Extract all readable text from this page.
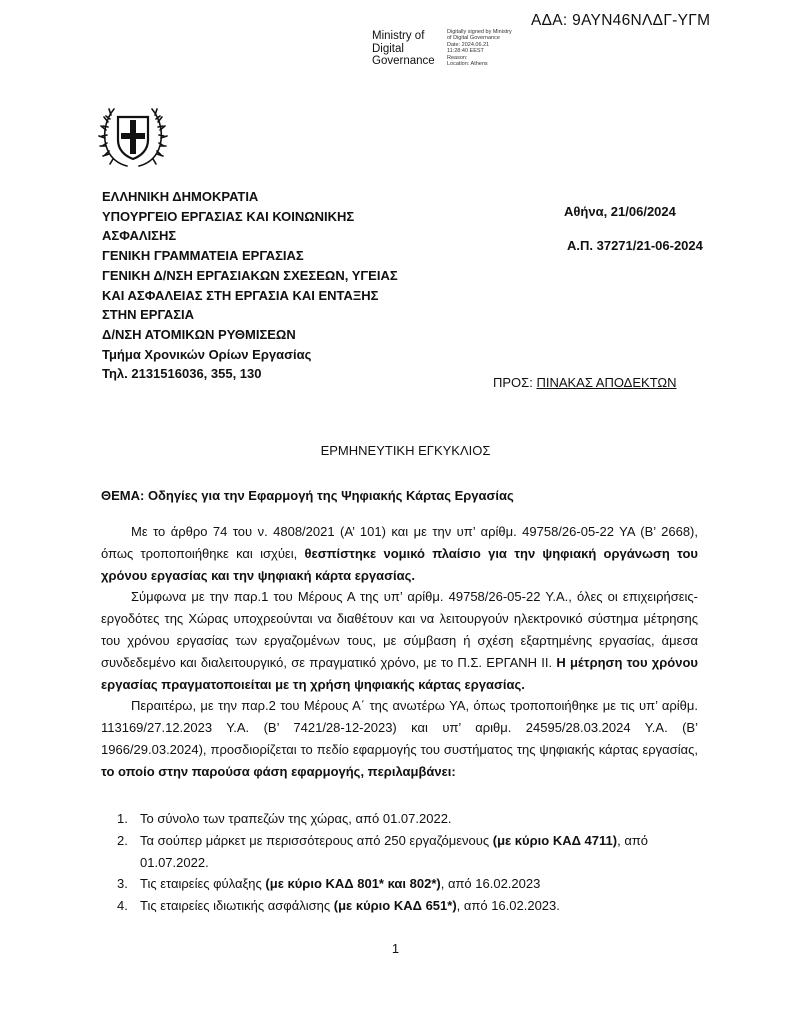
ΑΔΑ: 9ΑΥΝ46ΝΛΔΓ-ΥΓΜ
Ministry of
Digital
Governance
Digitally signed by Ministry
of Digital Governance
Date: 2024.06.21
11:28:40 EEST
Reason:
Location: Athens
ΕΛΛΗΝΙΚΗ ΔΗΜΟΚΡΑΤΙΑ
ΥΠΟΥΡΓΕΙΟ ΕΡΓΑΣΙΑΣ ΚΑΙ ΚΟΙΝΩΝΙΚΗΣ
ΑΣΦΑΛΙΣΗΣ
ΓΕΝΙΚΗ ΓΡΑΜΜΑΤΕΙΑ ΕΡΓΑΣΙΑΣ
ΓΕΝΙΚΗ Δ/ΝΣΗ ΕΡΓΑΣΙΑΚΩΝ ΣΧΕΣΕΩΝ, ΥΓΕΙΑΣ
ΚΑΙ ΑΣΦΑΛΕΙΑΣ ΣΤΗ ΕΡΓΑΣΙΑ ΚΑΙ ΕΝΤΑΞΗΣ
ΣΤΗΝ ΕΡΓΑΣΙΑ
Δ/ΝΣΗ ΑΤΟΜΙΚΩΝ ΡΥΘΜΙΣΕΩΝ
Τμήμα Χρονικών Ορίων Εργασίας
Τηλ. 2131516036, 355, 130
Αθήνα, 21/06/2024
Α.Π. 37271/21-06-2024
ΠΡΟΣ: ΠΙΝΑΚΑΣ ΑΠΟΔΕΚΤΩΝ
ΕΡΜΗΝΕΥΤΙΚΗ ΕΓΚΥΚΛΙΟΣ
ΘΕΜΑ: Οδηγίες για την Εφαρμογή της Ψηφιακής Κάρτας Εργασίας

Με το άρθρο 74 του ν. 4808/2021 (Α’ 101) και με την υπ’ αρίθμ. 49758/26-05-22 ΥΑ (Β’ 2668), όπως τροποποιήθηκε και ισχύει, θεσπίστηκε νομικό πλαίσιο για την ψηφιακή οργάνωση του χρόνου εργασίας και την ψηφιακή κάρτα εργασίας.

Σύμφωνα με την παρ.1 του Μέρους Α της υπ’ αρίθμ. 49758/26-05-22 Υ.Α., όλες οι επιχειρήσεις-εργοδότες της Χώρας υποχρεούνται να διαθέτουν και να λειτουργούν ηλεκτρονικό σύστημα μέτρησης του χρόνου εργασίας των εργαζομένων τους, με σύμβαση ή σχέση εξαρτημένης εργασίας, άμεσα συνδεδεμένο και διαλειτουργικό, σε πραγματικό χρόνο, με το Π.Σ. ΕΡΓΑΝΗ ΙΙ. Η μέτρηση του χρόνου εργασίας πραγματοποιείται με τη χρήση ψηφιακής κάρτας εργασίας.

Περαιτέρω, με την παρ.2 του Μέρους Α΄ της ανωτέρω ΥΑ, όπως τροποποιήθηκε με τις υπ’ αρίθμ. 113169/27.12.2023 Υ.Α. (Β’ 7421/28-12-2023) και υπ’ αριθμ. 24595/28.03.2024 Υ.Α. (Β’ 1966/29.03.2024), προσδιορίζεται το πεδίο εφαρμογής του συστήματος της ψηφιακής κάρτας εργασίας, το οποίο στην παρούσα φάση εφαρμογής, περιλαμβάνει:

1. Το σύνολο των τραπεζών της χώρας, από 01.07.2022.
2. Τα σούπερ μάρκετ με περισσότερους από 250 εργαζόμενους (με κύριο ΚΑΔ 4711), από 01.07.2022.
3. Τις εταιρείες φύλαξης (με κύριο ΚΑΔ 801* και 802*), από 16.02.2023
4. Τις εταιρείες ιδιωτικής ασφάλισης (με κύριο ΚΑΔ 651*), από 16.02.2023.
1
